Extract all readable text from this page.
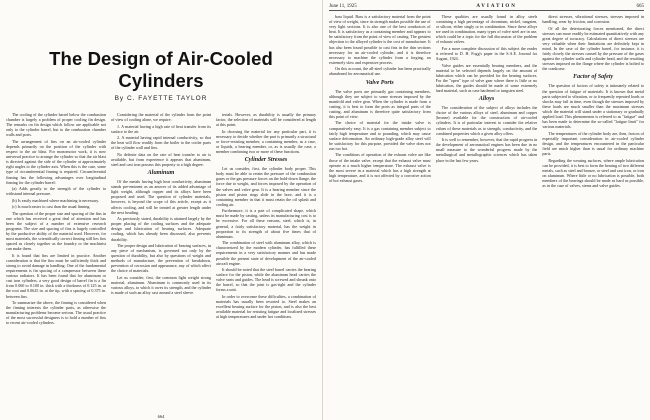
The Design of Air-Cooled Cylinders
By C. FAYETTE TAYLOR

The cooling of the cylinder barrel below the combustion chamber is largely a problem of proper cooling fin design. The remarks on fin design which follow are applicable not only to the cylinder barrel, but to the combustion chamber walls and ports.

The arrangement of fins on an air-cooled cylinder depends primarily on the position of the cylinder with respect to the air blast. For monomotor work, it is now universal practice to arrange the cylinder so that the air blast is directed against the side of the cylinder at approximately right angles to the cylinder axis. When this is the case, some type of circumferential finning is required. Circumferential finning has the following advantages over longitudinal finning for the cylinder barrel:

(a) Adds greatly to the strength of the cylinder to withstand internal pressure.

(b) Is easily machined where machining is necessary.

(c) Is much easier to cast than the usual finning.

The question of the proper size and spacing of the fins in one which has received a great deal of attention and has been the subject of a number of extensive research programs. The size and spacing of fins is largely controlled by the productive ability of the material used. However, for most materials, the scientifically correct finning still lies fins spaced as closely together as the foundry or the machinist can make them.

It is found that fins are limited in practice. Another consideration is that the fins must be sufficiently thick and strong to avoid damage in handling. One of the fundamental requirements is fin spacing of a compressor between these various radiators. It has been found that for aluminum or cast iron cylinders, a very good design of barrel fin is a fin from 0.060 to 0.100 in. thick with a thickness of 0.125 in. at the root and 0.0625 in. at the tip, with a spacing of 0.375 in. between fins.

To summarize the above, the finning is considered when the finning interests the cylinder parts, as otherwise the manufacturing problems become serious. The usual practice of the most successful designers is to hold a number of fins to recent air-cooled cylinders.

Considering the material of the cylinder from the point of view of cooling alone, we require:

1. A material having a high rate of heat transfer from its surface to the air.

2. A material having rapid internal conductivity, so that the heat will flow readily from the boiler to the cooler parts of the cylinder wall and fins.

No definite data on the rate of heat transfer to air is available, but from experience it appears that aluminum, steel and cast iron possess this property to a high degree.

Aluminum

Of the metals having high heat conductivity, aluminum stands pre-eminent as an answer of its added advantage of light weight, although copper and its alloys have been proposed and used. The question of cylinder materials, however, is beyond the scope of this article, except as it affects cooling, and will be treated at greater length under the next heading.

As previously stated, durability is attained largely by the proper placing of the cooling surfaces and the adequate design and lubrication of bearing surfaces. Adequate cooling, which has already been discussed, also prevents durability.

The proper design and lubrication of bearing surfaces, in any piece of mechanism, is governed not only by the question of durability, but also by questions of weight and methods of manufacture, the prevention of breakdown, prevention of corrosion and appearance, any of which affect the choice of materials.

Let us consider, first, the common light weight strong material, aluminum. Aluminum is commonly used in its various alloys, to which it owes its strength, and the cylinder is made of such an alloy cast around a steel sleeve.

terials. However, as durability is usually the primary factor, the selection of materials will be considered at length at this point.

In choosing the material for any particular part, it is necessary to decide whether the part is primarily a structural or force-resisting member, a containing member, as a case, or liquids, a bearing member, or, as is usually the case, a member combining two or more of these functions.

Cylinder Stresses

Let us consider, first, the cylinder body proper. This body must be able to retain the pressure of the combustion gases or the gas pressure forces on the hold-down flange, the force due to weight, and forces imposed by the operation of the valves and valve gear. It is a bearing member since the piston and piston rings slide in the bore, and it is a containing member in that it must retain the oil splash and cooling air.

Furthermore, it is a part of complicated shape, which must be made by casting, unless its manufacturing cost is to be excessive. For all these reasons, steel, which is, in general, a fairly satisfactory material, has the weight in proportion to its strength of about five times that of aluminum.

The combination of steel with aluminum alloy, which is characterized by the modern cylinder, has fulfilled these requirements in a very satisfactory manner and has made possible the present state of development of the air-cooled aircraft engine.

It should be noted that the steel barrel carries the bearing surface for the piston, while the aluminum head carries the valve seats and guides. The head is screwed and shrunk onto the barrel, so that the joint is gas-tight and the cylinder forms a unit.

In order to overcome these difficulties, a combination of materials has usually been resorted to. Steel makes an excellent bearing surface for the piston, and is also the best available material for resisting fatigue and localized stresses at high temperatures and under hot conditions.

664
June 11, 1925	AVIATION	665

bass liquid. Bass is a satisfactory material from the point of view of weight, since its strength makes possible the use of very light sections. It is also one of the best conductors of heat. It is satisfactory as a containing member and appears to be satisfactory from the point of view of casting. The greatest objection to the alloyed cylinder is the cost of manufacture. It has also been found possible to cast fins in the thin sections necessary for an air-cooled cylinder, and it is therefore necessary to machine the cylinder from a forging, an extremely slow and expensive process.

On this account, the all-steel cylinder has been practically abandoned for aeronautical use.

Valve Ports

The valve ports are primarily gas containing members, although they are subject to some stresses imposed by the manifold and valve gear. When the cylinder is made from a casting, it is best to form the ports as integral parts of the casting, and aluminum is therefore quite satisfactory from this point of view.

The choice of material for the intake valve is comparatively easy. It is a gas containing member subject to fairly high temperature and to pounding, which may cause surface deformation. An ordinary high-grade alloy steel will be satisfactory for this purpose, provided the valve does not run too hot.

The conditions of operation of the exhaust valve are like those of the intake valve, except that the exhaust valve must operate at a much higher temperature. The exhaust valve is the most severe in a material which has a high strength at high temperature, and it is not affected by a corrosive action of hot exhaust gases.

These qualities are usually found in alloy steels containing a high percentage of chromium, nickel, tungsten, or silicon, either singly or in combination. Since these alloys are used in combination, many types of valve steel are in use, which could be a topic for the full discussion of the problem of exhaust valves.

For a more complete discussion of this subject the reader is referred to D. H. Fogg's paper in the S.A.E. Journal for August, 1924.

Valve guides are essentially bearing members, and the material to be selected depends largely on the amount of lubrication which can be provided for the bearing surfaces. For the "open" type of valve gear where there is little or no lubrication, the guides should be made of some extremely hard material, such as case hardened or tungsten steel.

Alloys

The consideration of the subject of alloys includes the choice of the various alloys of steel, aluminum and copper (bronze) available for the construction of air-cooled cylinders. It is of particular interest to consider the relative values of these materials as to strength, conductivity, and the combined properties which a given alloy offers.

It is well to remember, however, that the rapid progress in the development of aeronautical engines has been due in no small measure to the wonderful progress made by the metallurgical and metallographic sciences which has taken place in the last few years.

direct stresses, vibrational stresses, stresses imposed in handling, wear by friction, and corrosion.

Of all the deteriorating forces mentioned, the direct stresses can more readily be estimated quantitatively with any great degree of accuracy. Calculations of direct stresses are very valuable when their limitations are definitely kept in mind. In the case of the cylinder barrel, for instance, it is fairly closely the stresses caused by the pressure of the gases against the cylinder walls and cylinder head, and the resulting stresses imposed on the flange where the cylinder is bolted to the crankcase.

Factor of Safety

The question of factors of safety is intimately related to the question of fatigue of materials. It is known that metal parts subjected to vibration, or to frequently repeated loads or shocks may fail in time, even though the stresses imposed by these loads are much smaller than the maximum stresses which the material will stand under a stationary or gradually applied load. This phenomenon is referred to as "fatigue" and has been made to determine the so-called "fatigue limit" for various materials.

The temperatures of the cylinder body are, then, factors of especially important consideration in air-cooled cylinder design, and the temperatures encountered in the particular field are much higher than is usual for ordinary machine parts.

Regarding the wearing surfaces, where ample lubrication can be provided, it is best to form the bearing of two different metals, such as steel and bronze, or steel and cast iron, or iron on aluminum. Where little or no lubrication is possible, both members of the bearings should be made as hard as possible, as in the case of valves, stems and valve guides.
